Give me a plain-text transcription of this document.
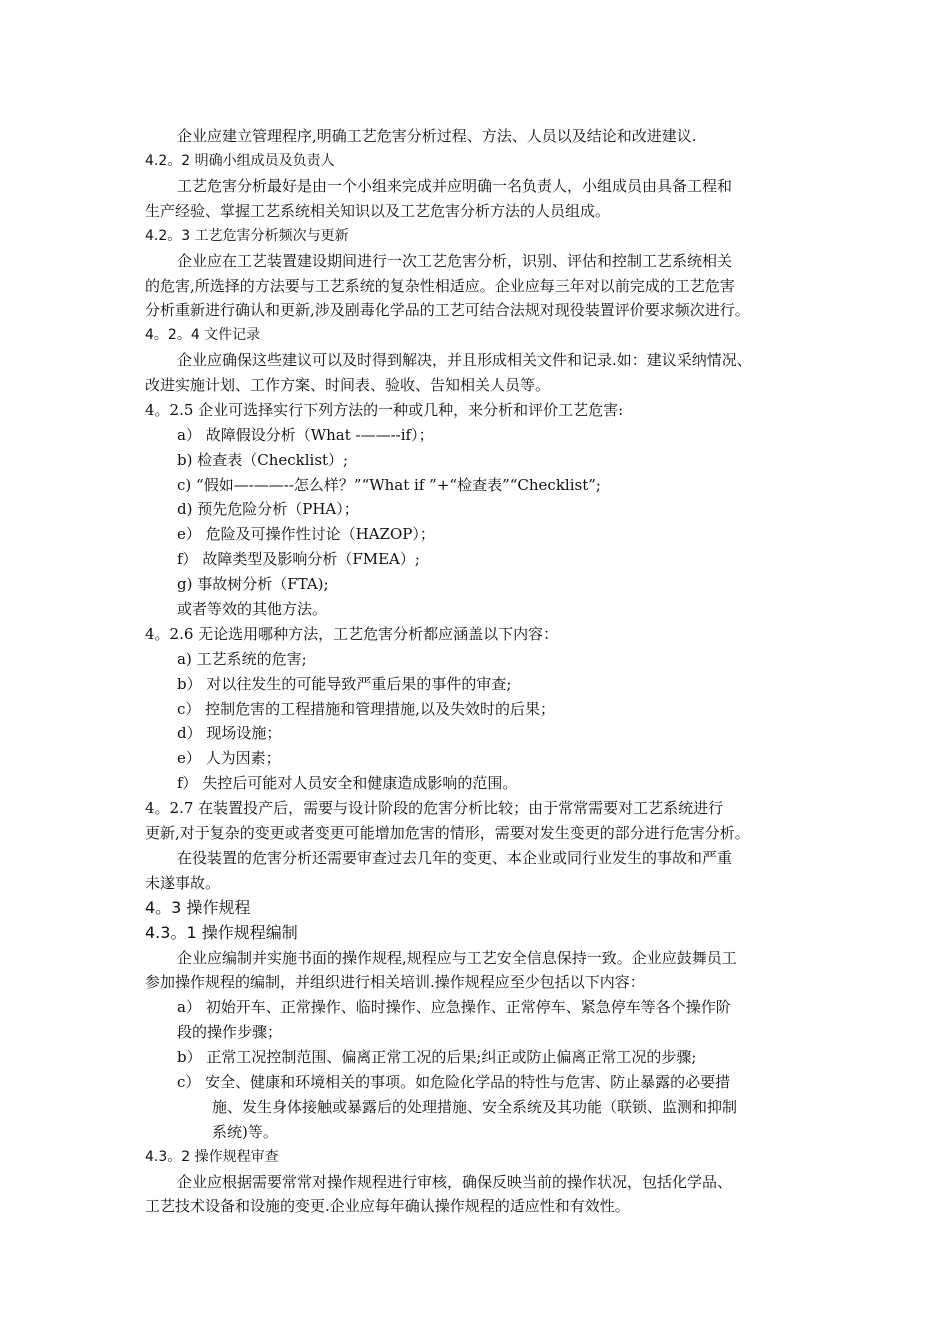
企业应建立管理程序,明确工艺危害分析过程、方法、人员以及结论和改进建议.
4.2。2 明确小组成员及负责人
工艺危害分析最好是由一个小组来完成并应明确一名负责人，小组成员由具备工程和
生产经验、掌握工艺系统相关知识以及工艺危害分析方法的人员组成。
4.2。3 工艺危害分析频次与更新
企业应在工艺装置建设期间进行一次工艺危害分析，识别、评估和控制工艺系统相关
的危害,所选择的方法要与工艺系统的复杂性相适应。企业应每三年对以前完成的工艺危害
分析重新进行确认和更新,涉及剧毒化学品的工艺可结合法规对现役装置评价要求频次进行。
4。2。4 文件记录
企业应确保这些建议可以及时得到解决，并且形成相关文件和记录.如：建议采纳情况、
改进实施计划、工作方案、时间表、验收、告知相关人员等。
4。2.5 企业可选择实行下列方法的一种或几种，来分析和评价工艺危害:
a） 故障假设分析（What -——--if）；
b) 检查表（Checklist）;
c) “假如—-——--怎么样？”“What if ”+“检查表”“Checklist”;
d) 预先危险分析（PHA）；
e） 危险及可操作性讨论（HAZOP）；
f） 故障类型及影响分析（FMEA）;
g) 事故树分析（FTA);
或者等效的其他方法。
4。2.6 无论选用哪种方法，工艺危害分析都应涵盖以下内容：
a) 工艺系统的危害;
b） 对以往发生的可能导致严重后果的事件的审查;
c） 控制危害的工程措施和管理措施,以及失效时的后果；
d） 现场设施；
e） 人为因素；
f） 失控后可能对人员安全和健康造成影响的范围。
4。2.7 在装置投产后，需要与设计阶段的危害分析比较；由于常常需要对工艺系统进行
更新,对于复杂的变更或者变更可能增加危害的情形，需要对发生变更的部分进行危害分析。
在役装置的危害分析还需要审查过去几年的变更、本企业或同行业发生的事故和严重
未遂事故。
4。3 操作规程
4.3。1 操作规程编制
企业应编制并实施书面的操作规程,规程应与工艺安全信息保持一致。企业应鼓舞员工
参加操作规程的编制，并组织进行相关培训.操作规程应至少包括以下内容：
a） 初始开车、正常操作、临时操作、应急操作、正常停车、紧急停车等各个操作阶
段的操作步骤；
b） 正常工况控制范围、偏离正常工况的后果;纠正或防止偏离正常工况的步骤;
c） 安全、健康和环境相关的事项。如危险化学品的特性与危害、防止暴露的必要措
施、发生身体接触或暴露后的处理措施、安全系统及其功能（联锁、监测和抑制
系统)等。
4.3。2 操作规程审查
企业应根据需要常常对操作规程进行审核，确保反映当前的操作状况，包括化学品、
工艺技术设备和设施的变更.企业应每年确认操作规程的适应性和有效性。
